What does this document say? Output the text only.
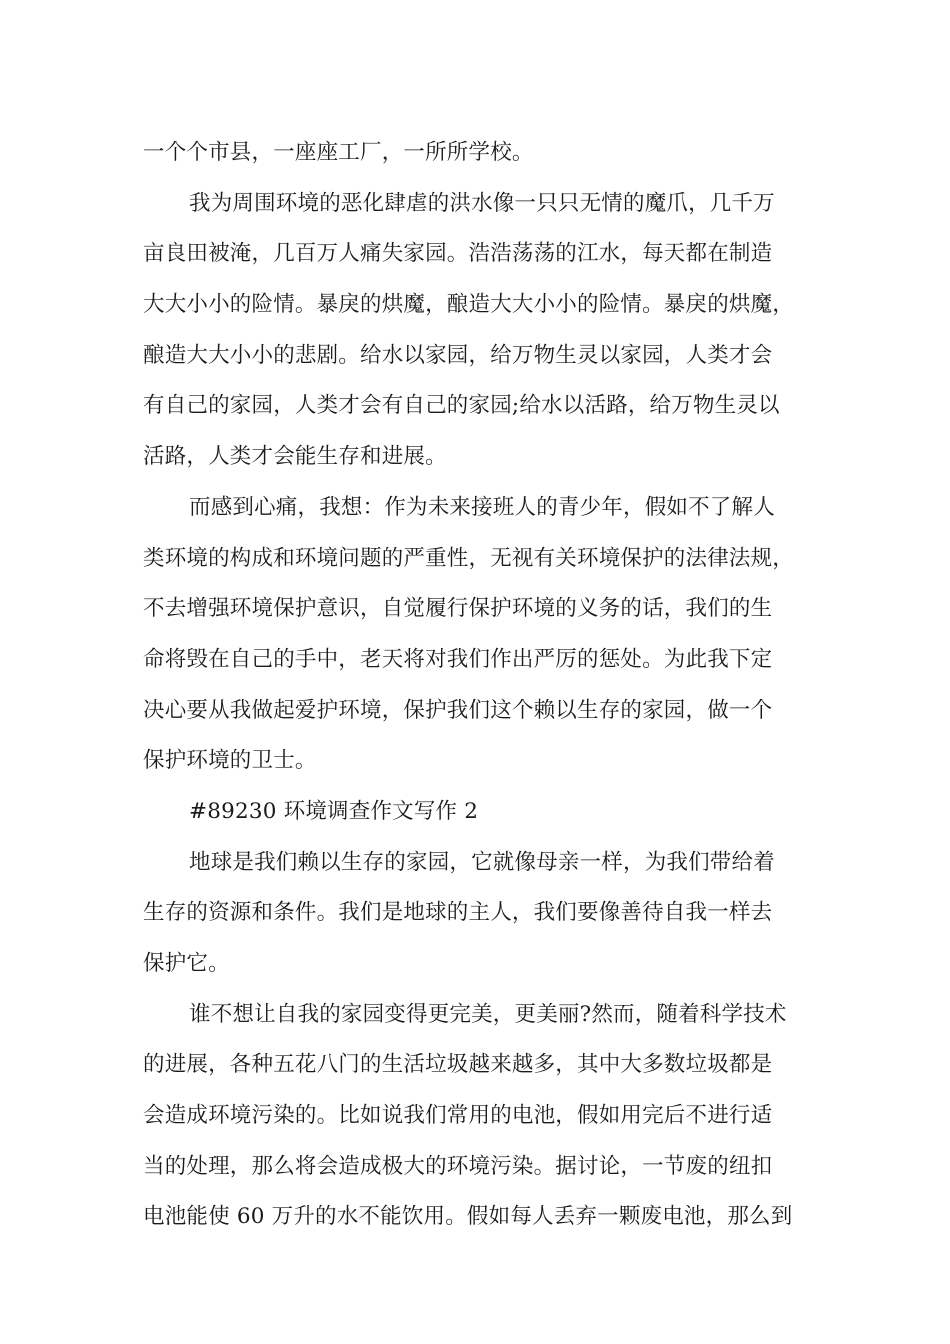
一个个市县，一座座工厂，一所所学校。
我为周围环境的恶化肆虐的洪水像一只只无情的魔爪，几千万
亩良田被淹，几百万人痛失家园。浩浩荡荡的江水，每天都在制造
大大小小的险情。暴戾的烘魔，酿造大大小小的险情。暴戾的烘魔，
酿造大大小小的悲剧。给水以家园，给万物生灵以家园，人类才会
有自己的家园，人类才会有自己的家园;给水以活路，给万物生灵以
活路，人类才会能生存和进展。
而感到心痛，我想：作为未来接班人的青少年，假如不了解人
类环境的构成和环境问题的严重性，无视有关环境保护的法律法规，
不去增强环境保护意识，自觉履行保护环境的义务的话，我们的生
命将毁在自己的手中，老天将对我们作出严厉的惩处。为此我下定
决心要从我做起爱护环境，保护我们这个赖以生存的家园，做一个
保护环境的卫士。
#89230 环境调查作文写作 2
地球是我们赖以生存的家园，它就像母亲一样，为我们带给着
生存的资源和条件。我们是地球的主人，我们要像善待自我一样去
保护它。
谁不想让自我的家园变得更完美，更美丽?然而，随着科学技术
的进展，各种五花八门的生活垃圾越来越多，其中大多数垃圾都是
会造成环境污染的。比如说我们常用的电池，假如用完后不进行适
当的处理，那么将会造成极大的环境污染。据讨论，一节废的纽扣
电池能使 60 万升的水不能饮用。假如每人丢弃一颗废电池，那么到
